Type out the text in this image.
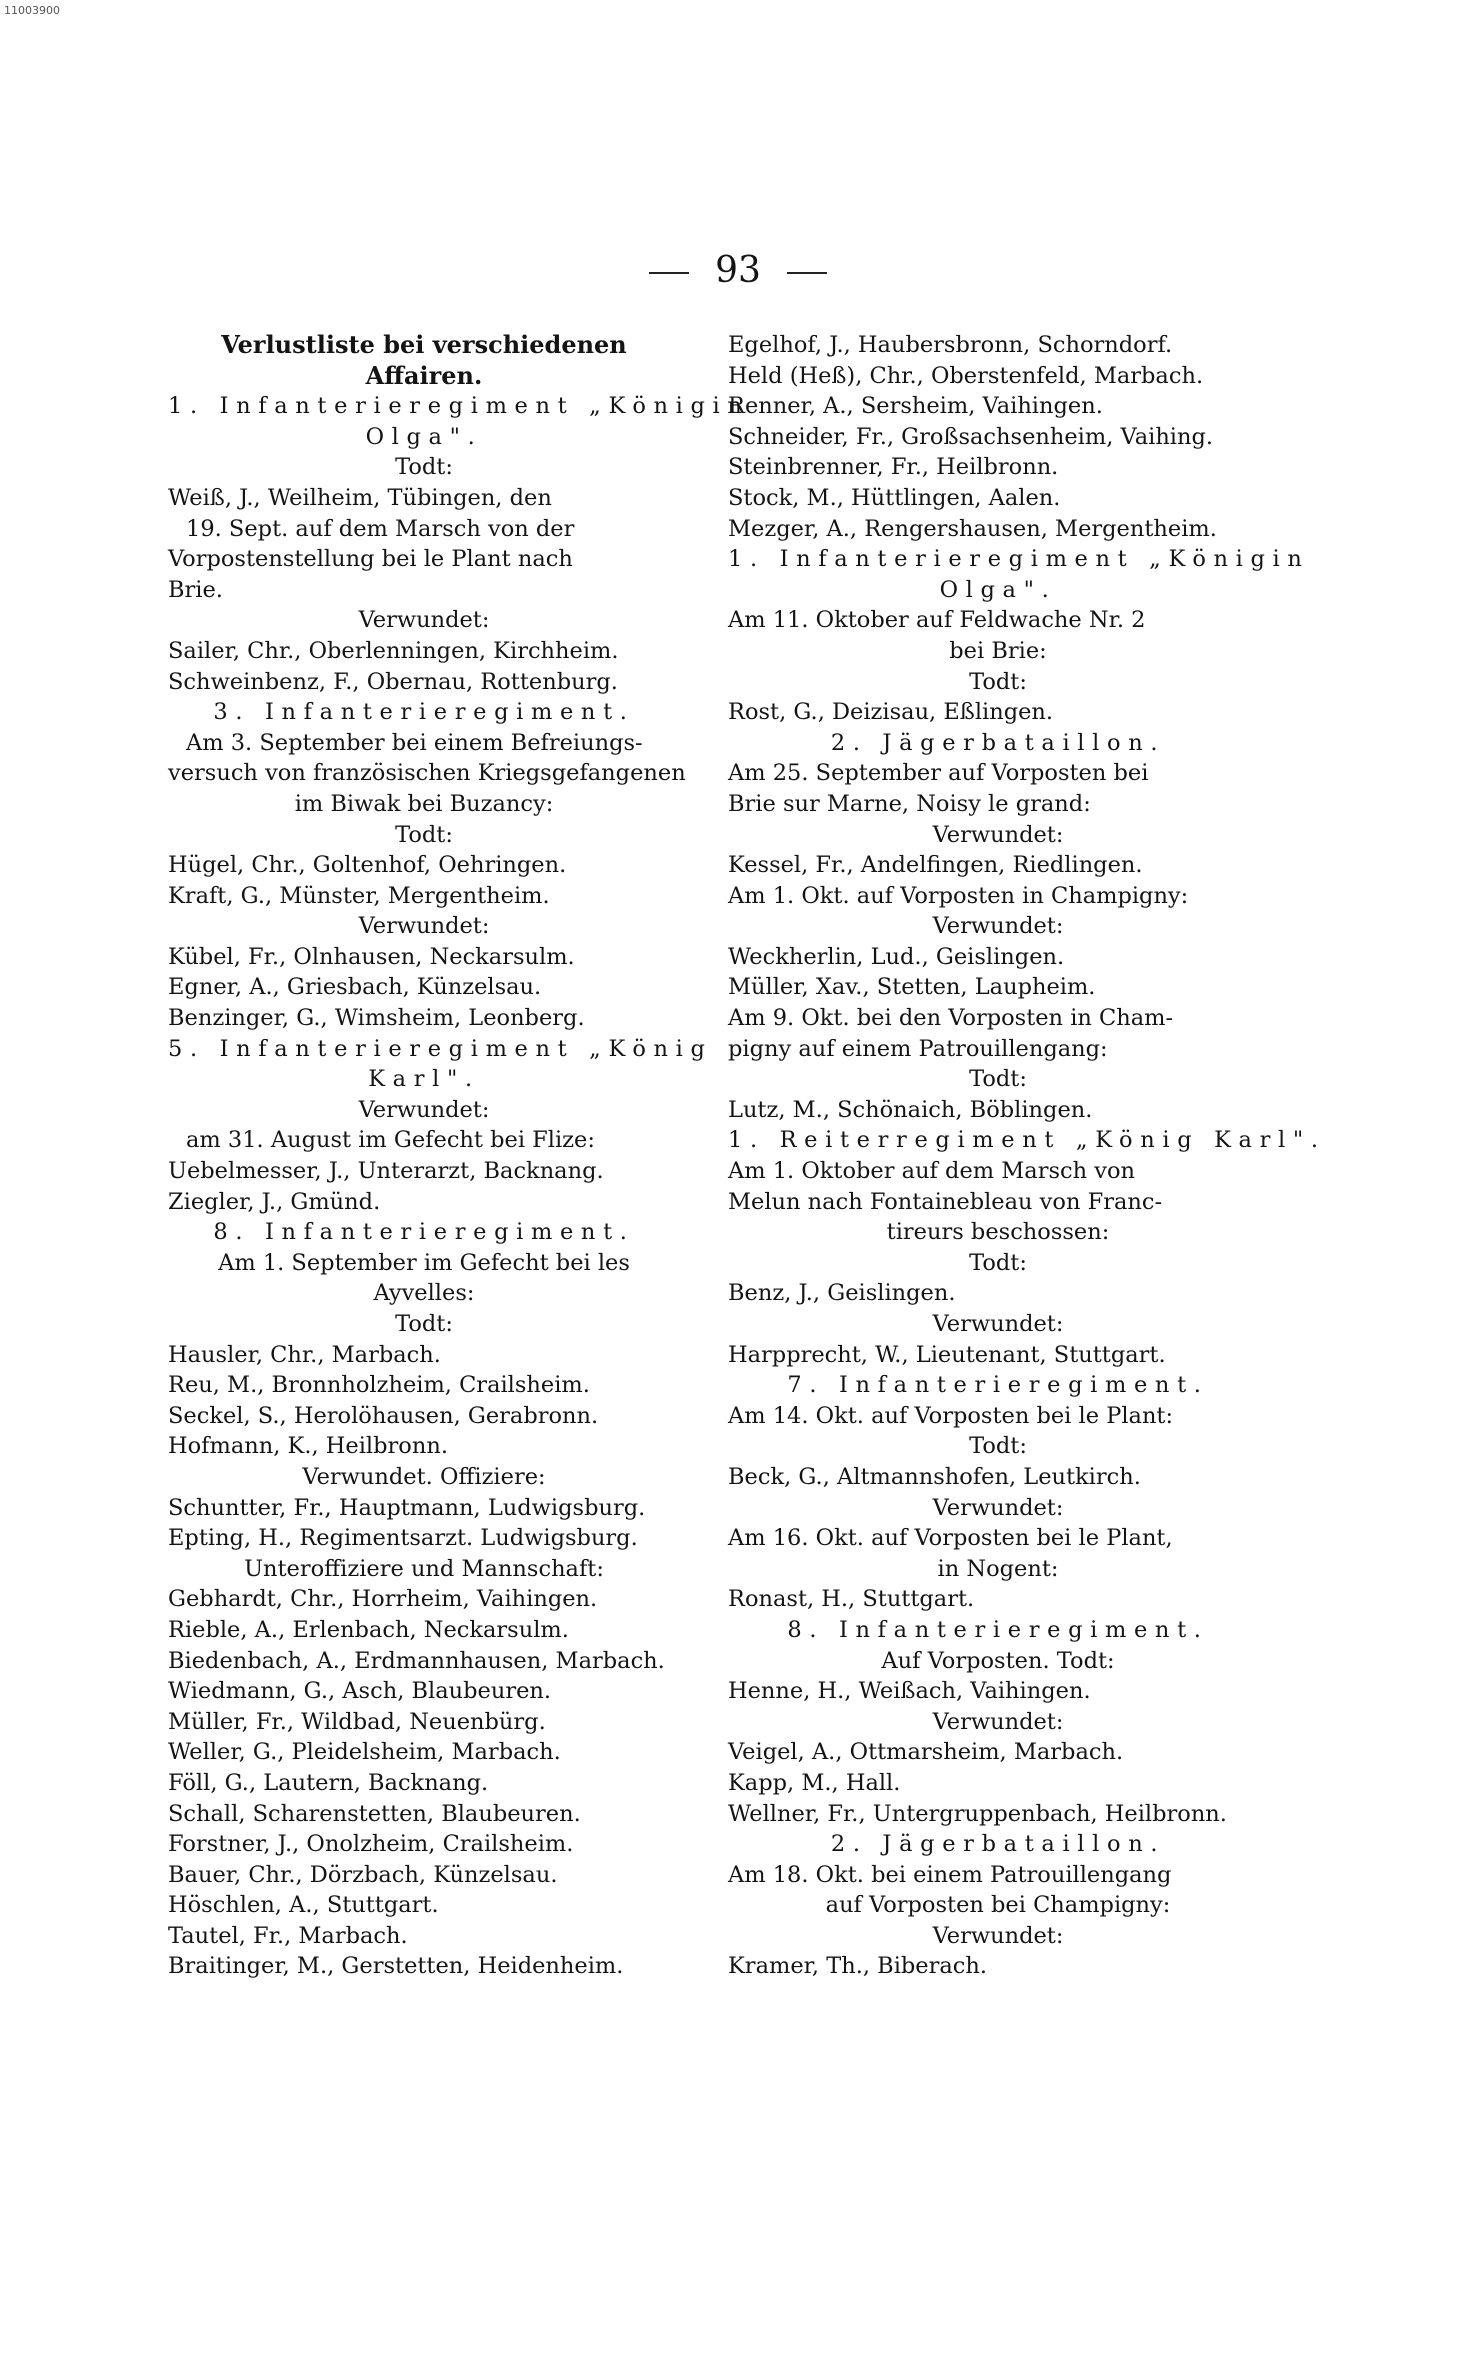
11003900
93
Verlustliste bei verschiedenen
Affairen.
1. Infanterieregiment „Königin
Olga".
Todt:
Weiß, J., Weilheim, Tübingen, den
19. Sept. auf dem Marsch von der
Vorpostenstellung bei le Plant nach
Brie.
Verwundet:
Sailer, Chr., Oberlenningen, Kirchheim.
Schweinbenz, F., Obernau, Rottenburg.
3. Infanterieregiment.
Am 3. September bei einem Befreiungs-
versuch von französischen Kriegsgefangenen
im Biwak bei Buzancy:
Todt:
Hügel, Chr., Goltenhof, Oehringen.
Kraft, G., Münster, Mergentheim.
Verwundet:
Kübel, Fr., Olnhausen, Neckarsulm.
Egner, A., Griesbach, Künzelsau.
Benzinger, G., Wimsheim, Leonberg.
5. Infanterieregiment „König
Karl".
Verwundet:
am 31. August im Gefecht bei Flize:
Uebelmesser, J., Unterarzt, Backnang.
Ziegler, J., Gmünd.
8. Infanterieregiment.
Am 1. September im Gefecht bei les
Ayvelles:
Todt:
Hausler, Chr., Marbach.
Reu, M., Bronnholzheim, Crailsheim.
Seckel, S., Herolöhausen, Gerabronn.
Hofmann, K., Heilbronn.
Verwundet. Offiziere:
Schuntter, Fr., Hauptmann, Ludwigsburg.
Epting, H., Regimentsarzt. Ludwigsburg.
Unteroffiziere und Mannschaft:
Gebhardt, Chr., Horrheim, Vaihingen.
Rieble, A., Erlenbach, Neckarsulm.
Biedenbach, A., Erdmannhausen, Marbach.
Wiedmann, G., Asch, Blaubeuren.
Müller, Fr., Wildbad, Neuenbürg.
Weller, G., Pleidelsheim, Marbach.
Föll, G., Lautern, Backnang.
Schall, Scharenstetten, Blaubeuren.
Forstner, J., Onolzheim, Crailsheim.
Bauer, Chr., Dörzbach, Künzelsau.
Höschlen, A., Stuttgart.
Tautel, Fr., Marbach.
Braitinger, M., Gerstetten, Heidenheim.
Egelhof, J., Haubersbronn, Schorndorf.
Held (Heß), Chr., Oberstenfeld, Marbach.
Renner, A., Sersheim, Vaihingen.
Schneider, Fr., Großsachsenheim, Vaihing.
Steinbrenner, Fr., Heilbronn.
Stock, M., Hüttlingen, Aalen.
Mezger, A., Rengershausen, Mergentheim.
1. Infanterieregiment „Königin
Olga".
Am 11. Oktober auf Feldwache Nr. 2
bei Brie:
Todt:
Rost, G., Deizisau, Eßlingen.
2. Jägerbataillon.
Am 25. September auf Vorposten bei
Brie sur Marne, Noisy le grand:
Verwundet:
Kessel, Fr., Andelfingen, Riedlingen.
Am 1. Okt. auf Vorposten in Champigny:
Verwundet:
Weckherlin, Lud., Geislingen.
Müller, Xav., Stetten, Laupheim.
Am 9. Okt. bei den Vorposten in Cham-
pigny auf einem Patrouillengang:
Todt:
Lutz, M., Schönaich, Böblingen.
1. Reiterregiment „König Karl".
Am 1. Oktober auf dem Marsch von
Melun nach Fontainebleau von Franc-
tireurs beschossen:
Todt:
Benz, J., Geislingen.
Verwundet:
Harpprecht, W., Lieutenant, Stuttgart.
7. Infanterieregiment.
Am 14. Okt. auf Vorposten bei le Plant:
Todt:
Beck, G., Altmannshofen, Leutkirch.
Verwundet:
Am 16. Okt. auf Vorposten bei le Plant,
in Nogent:
Ronast, H., Stuttgart.
8. Infanterieregiment.
Auf Vorposten. Todt:
Henne, H., Weißach, Vaihingen.
Verwundet:
Veigel, A., Ottmarsheim, Marbach.
Kapp, M., Hall.
Wellner, Fr., Untergruppenbach, Heilbronn.
2. Jägerbataillon.
Am 18. Okt. bei einem Patrouillengang
auf Vorposten bei Champigny:
Verwundet:
Kramer, Th., Biberach.
